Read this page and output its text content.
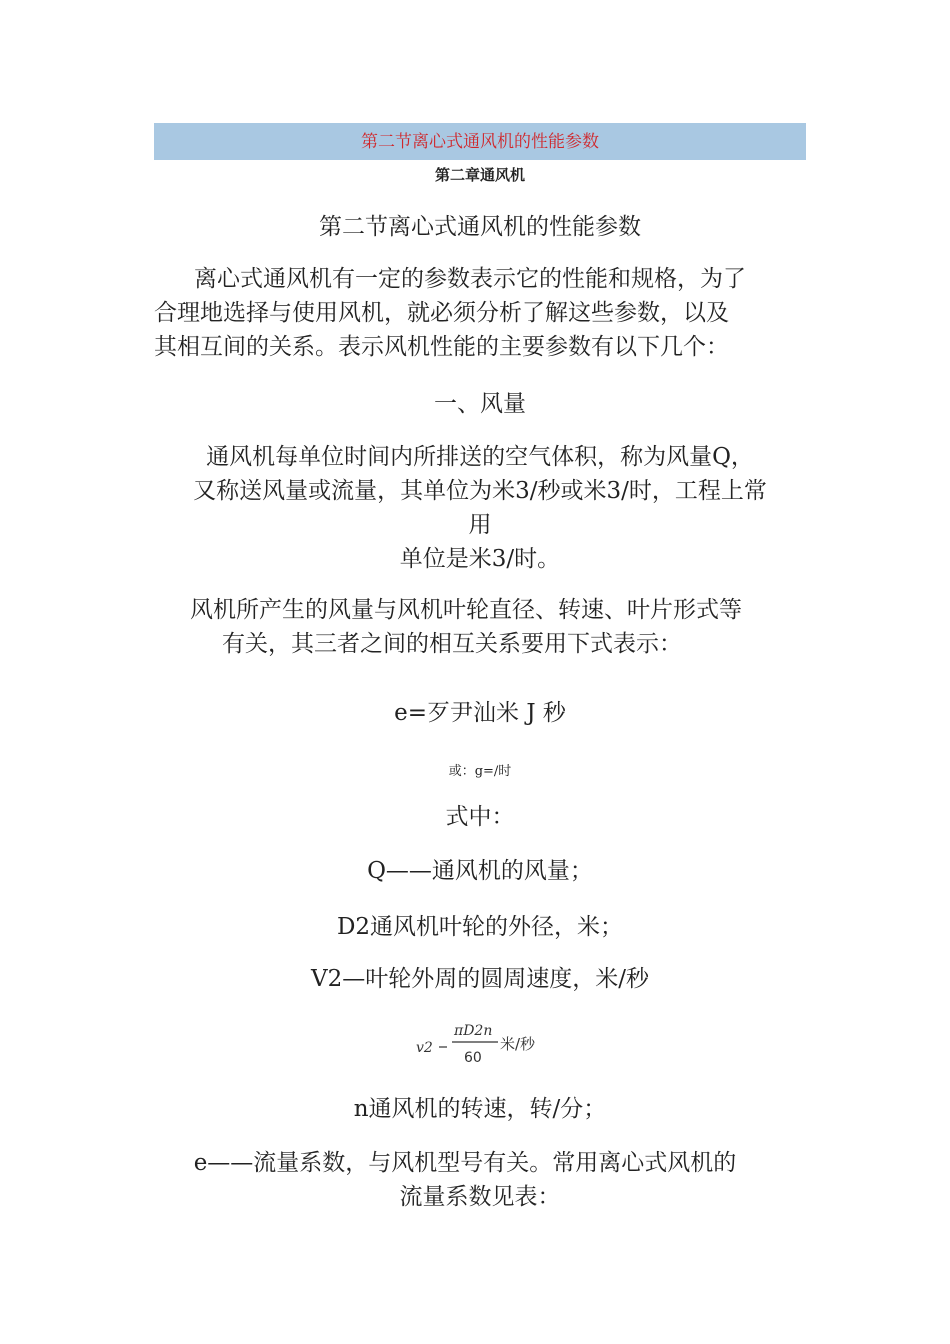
第二节离心式通风机的性能参数
第二章通风机
第二节离心式通风机的性能参数
离心式通风机有一定的参数表示它的性能和规格，为了
合理地选择与使用风机，就必须分析了解这些参数，以及
其相互间的关系。表示风机性能的主要参数有以下几个：
一、风量
通风机每单位时间内所排送的空气体积，称为风量Q，
又称送风量或流量，其单位为米3/秒或米3/时，工程上常
用
单位是米3/时。
风机所产生的风量与风机叶轮直径、转速、叶片形式等
有关，其三者之间的相互关系要用下式表示：
e=歹尹汕米 J 秒
或：g=/时
式中：
Q——通风机的风量；
D2通风机叶轮的外径，米；
V2—叶轮外周的圆周速度，米/秒
v2
πD2n
60
米/秒
n通风机的转速，转/分；
e——流量系数，与风机型号有关。常用离心式风机的
流量系数见表：
